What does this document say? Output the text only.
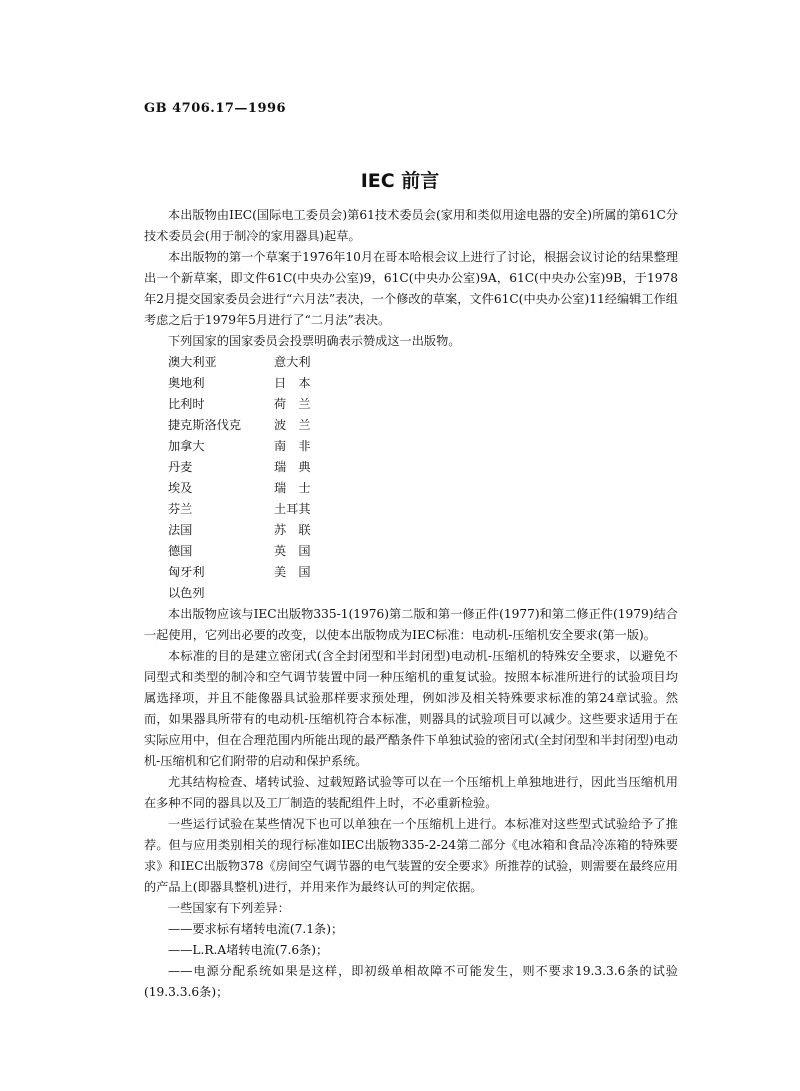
GB 4706.17—1996
IEC 前言

本出版物由IEC(国际电工委员会)第61技术委员会(家用和类似用途电器的安全)所属的第61C分技术委员会(用于制冷的家用器具)起草。

本出版物的第一个草案于1976年10月在哥本哈根会议上进行了讨论，根据会议讨论的结果整理出一个新草案，即文件61C(中央办公室)9，61C(中央办公室)9A，61C(中央办公室)9B，于1978年2月提交国家委员会进行“六月法”表决，一个修改的草案，文件61C(中央办公室)11经编辑工作组考虑之后于1979年5月进行了“二月法”表决。

下列国家的国家委员会投票明确表示赞成这一出版物。

澳大利亚	意大利
奥地利	日　本
比利时	荷　兰
捷克斯洛伐克	波　兰
加拿大	南　非
丹麦	瑞　典
埃及	瑞　士
芬兰	土耳其
法国	苏　联
德国	英　国
匈牙利	美　国
以色列	

本出版物应该与IEC出版物335-1(1976)第二版和第一修正件(1977)和第二修正件(1979)结合一起使用，它列出必要的改变，以使本出版物成为IEC标准：电动机-压缩机安全要求(第一版)。

本标准的目的是建立密闭式(含全封闭型和半封闭型)电动机-压缩机的特殊安全要求，以避免不同型式和类型的制冷和空气调节装置中同一种压缩机的重复试验。按照本标准所进行的试验项目均属选择项，并且不能像器具试验那样要求预处理，例如涉及相关特殊要求标准的第24章试验。然而，如果器具所带有的电动机-压缩机符合本标准，则器具的试验项目可以减少。这些要求适用于在实际应用中，但在合理范围内所能出现的最严酷条件下单独试验的密闭式(全封闭型和半封闭型)电动机-压缩机和它们附带的启动和保护系统。

尤其结构检查、堵转试验、过载短路试验等可以在一个压缩机上单独地进行，因此当压缩机用在多种不同的器具以及工厂制造的装配组件上时，不必重新检验。

一些运行试验在某些情况下也可以单独在一个压缩机上进行。本标准对这些型式试验给予了推荐。但与应用类别相关的现行标准如IEC出版物335-2-24第二部分《电冰箱和食品冷冻箱的特殊要求》和IEC出版物378《房间空气调节器的电气装置的安全要求》所推荐的试验，则需要在最终应用的产品上(即器具整机)进行，并用来作为最终认可的判定依据。

一些国家有下列差异：

——要求标有堵转电流(7.1条)；

——L.R.A堵转电流(7.6条)；

——电源分配系统如果是这样，即初级单相故障不可能发生，则不要求19.3.3.6条的试验(19.3.3.6条)；
